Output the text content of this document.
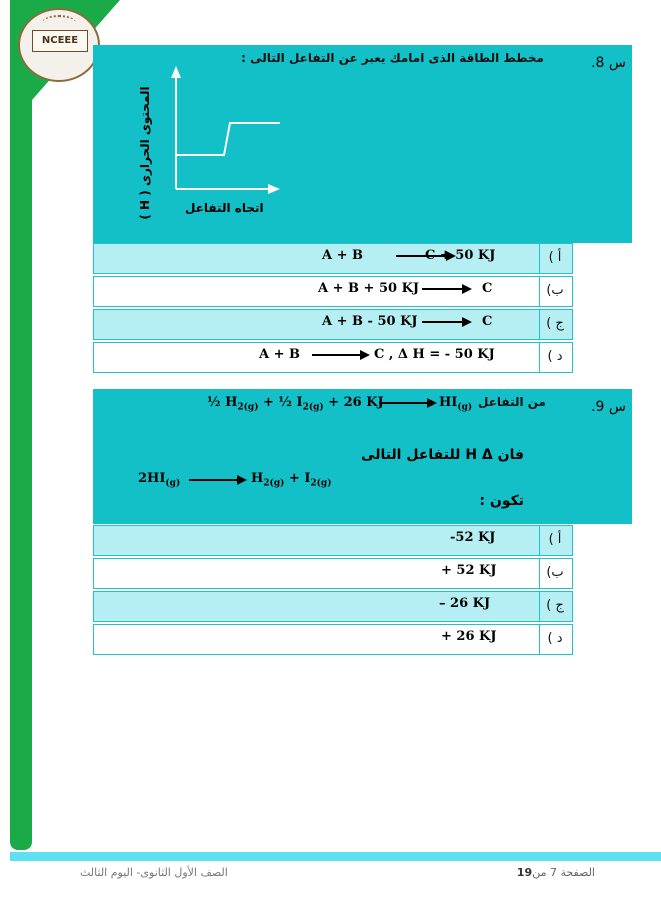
NCEEE
س 8.
مخطط الطاقة الذى امامك يعبر عن التفاعل التالى :
المحتوى الحرارى ( H )
اتجاه التفاعل
A + B	C + 50 KJ	أ )
A + B + 50 KJ	C	ب)
A + B - 50 KJ	C	ج )
A + B	C , Δ H = - 50 KJ	د )
س 9.
من التفاعل
½ $H_{2(g)}$ + ½ $I_{2(g)} + 26$ KJ	$HI_{(g)}$
فان H Δ للتفاعل التالى
$2HI_{(g)}$	$H_{2(g)} + I_{2(g)}$
تكون :
-52 KJ	أ )
+ 52 KJ	ب)
– 26 KJ	ج )
+ 26 KJ	د )
الصفحة 7 من19
الصف الأول الثانوى- اليوم الثالث
